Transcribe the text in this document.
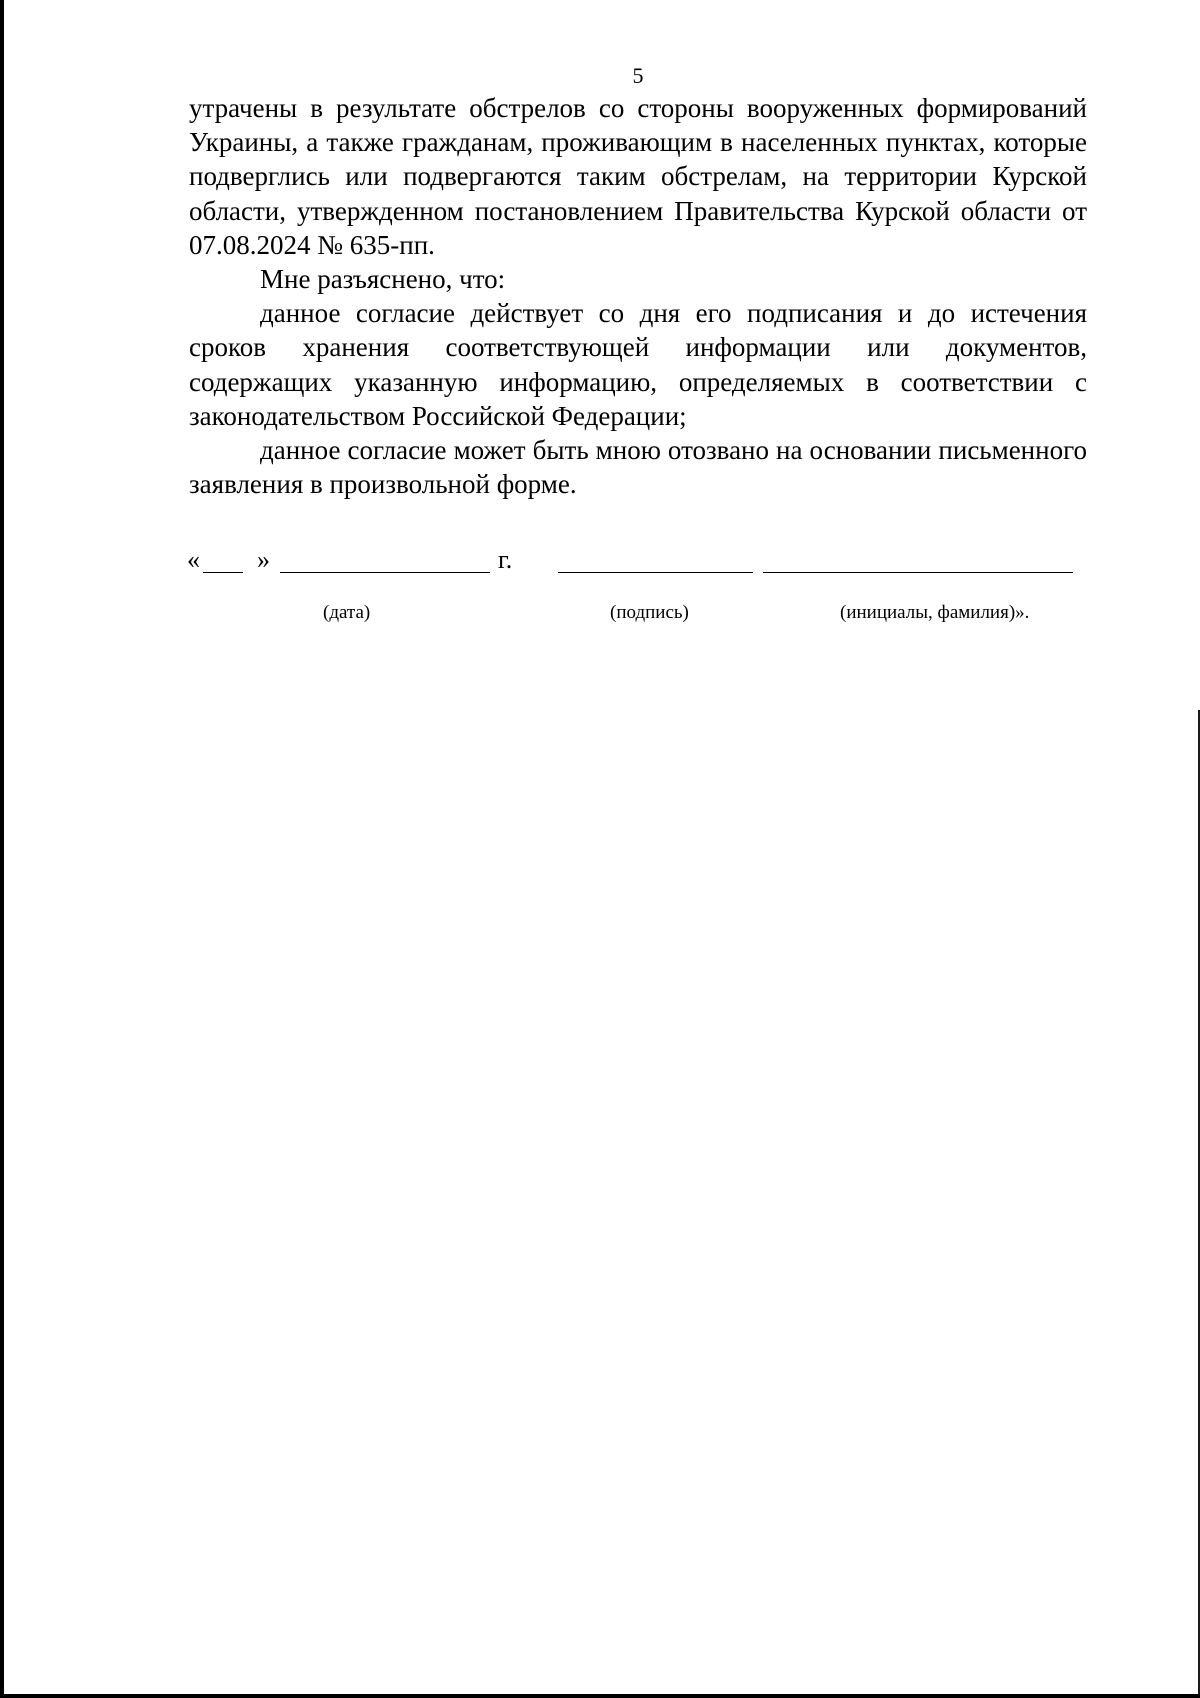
5

утрачены в результате обстрелов со стороны вооруженных формирований Украины, а также гражданам, проживающим в населенных пунктах, которые подверглись или подвергаются таким обстрелам, на территории Курской области, утвержденном постановлением Правительства Курской области от 07.08.2024 № 635-пп.

Мне разъяснено, что:

данное согласие действует со дня его подписания и до истечения сроков хранения соответствующей информации или документов, содержащих указанную информацию, определяемых в соответствии с законодательством Российской Федерации;

данное согласие может быть мною отозвано на основании письменного заявления в произвольной форме.

« »	г.
(дата)	(подпись)	(инициалы, фамилия)».
